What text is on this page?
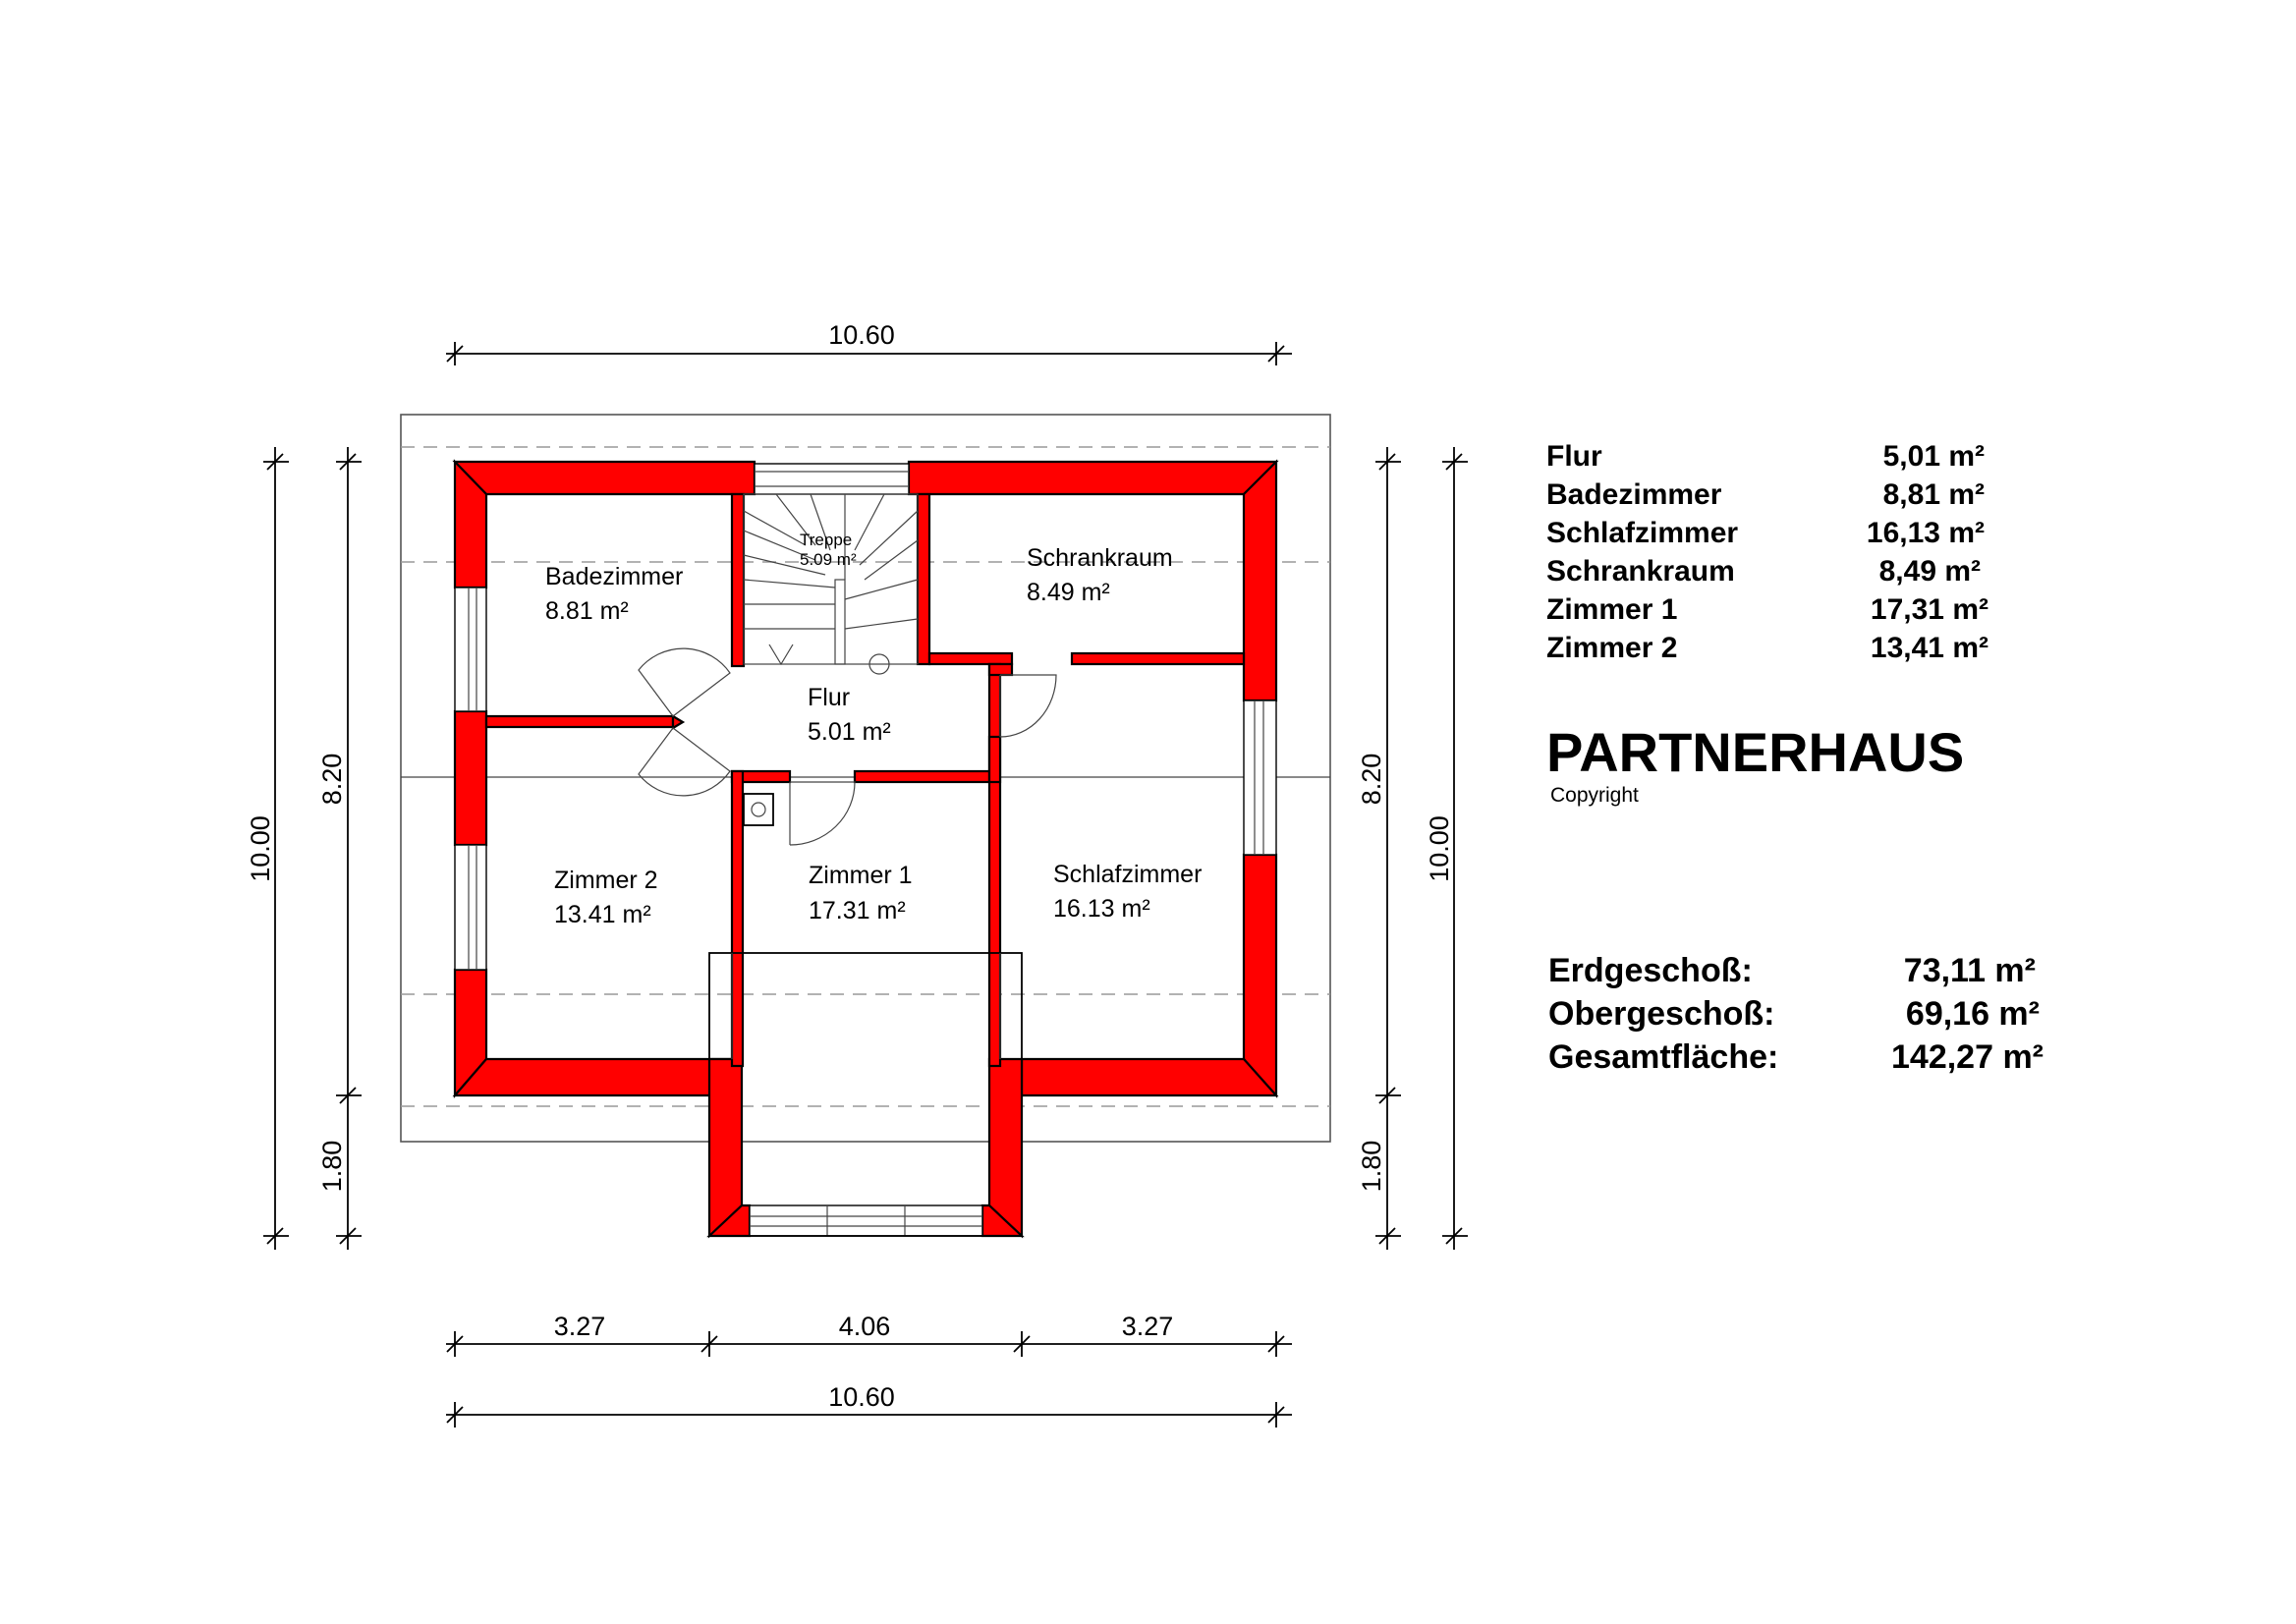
Badezimmer
8.81 m²
Treppe
5.09 m²	Schrankraum
8.49 m²
Flur
5.01 m²
Zimmer 2
13.41 m²
Zimmer 1
17.31 m²
Schlafzimmer
16.13 m²
10.60
3.27	4.06	3.27
10.60
10.00
8.20
1.80
8.20
1.80
10.00
Flur	5,01 m²
Badezimmer	8,81 m²
Schlafzimmer	16,13 m²
Schrankraum	8,49 m²
Zimmer 1	17,31 m²
Zimmer 2	13,41 m²
PARTNERHAUS
Copyright
Erdgeschoß:	73,11 m²
Obergeschoß:	69,16 m²
Gesamtfläche:	142,27 m²
